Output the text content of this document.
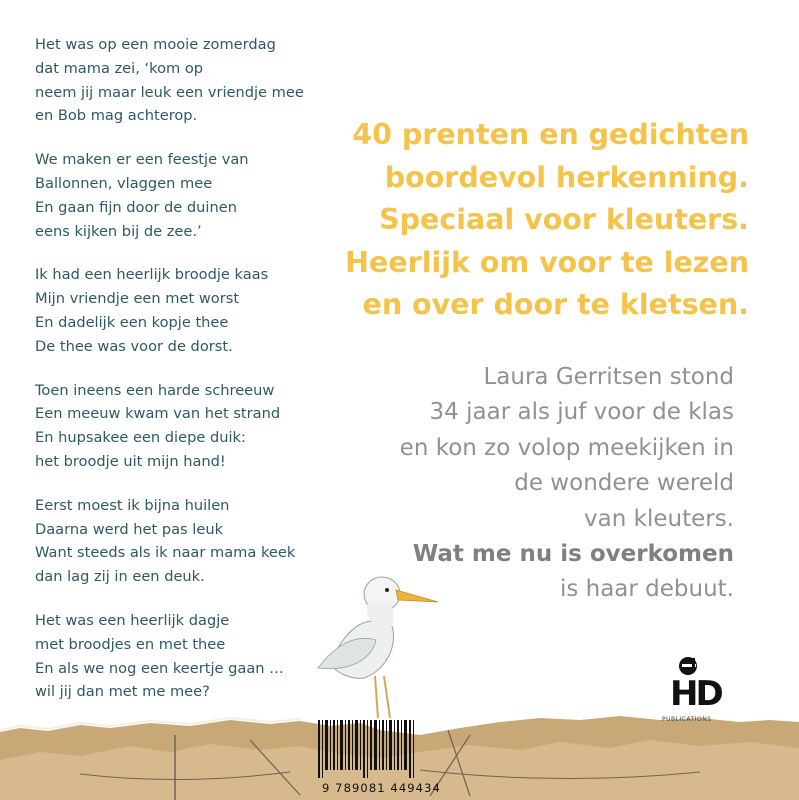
Het was op een mooie zomerdag
dat mama zei, ‘kom op
neem jij maar leuk een vriendje mee
en Bob mag achterop.
We maken er een feestje van
Ballonnen, vlaggen mee
En gaan fijn door de duinen
eens kijken bij de zee.’
Ik had een heerlijk broodje kaas
Mijn vriendje een met worst
En dadelijk een kopje thee
De thee was voor de dorst.
Toen ineens een harde schreeuw
Een meeuw kwam van het strand
En hupsakee een diepe duik:
het broodje uit mijn hand!
Eerst moest ik bijna huilen
Daarna werd het pas leuk
Want steeds als ik naar mama keek
dan lag zij in een deuk.
Het was een heerlijk dagje
met broodjes en met thee
En als we nog een keertje gaan …
wil jij dan met me mee?
40 prenten en gedichten
boordevol herkenning.
Speciaal voor kleuters.
Heerlijk om voor te lezen
en over door te kletsen.
Laura Gerritsen stond
34 jaar als juf voor de klas
en kon zo volop meekijken in
de wondere wereld
van kleuters.
Wat me nu is overkomen
is haar debuut.
9 789081 449434
HD
PUBLICATIONS
